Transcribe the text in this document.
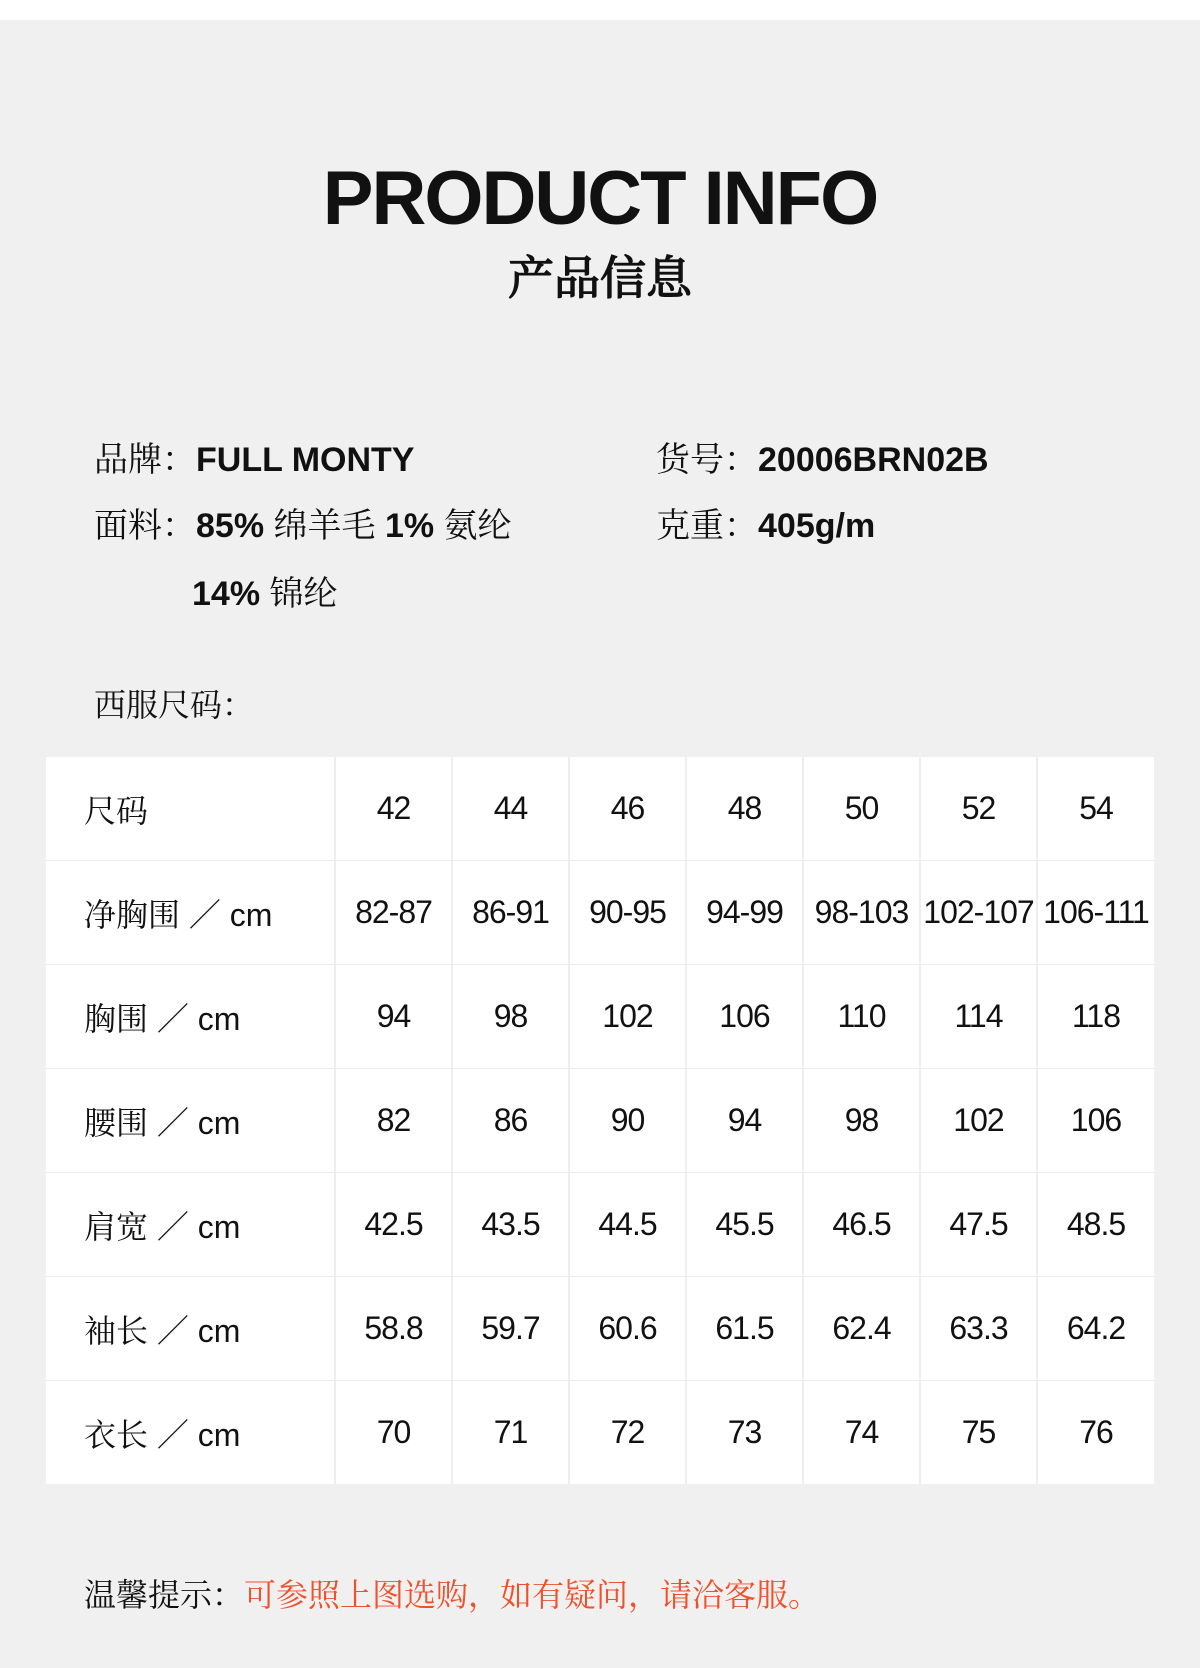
PRODUCT INFO
产品信息
品牌：FULL MONTY	货号：20006BRN02B
面料：85% 绵羊毛 1% 氨纶
14% 锦纶
克重：405g/m
西服尺码：
尺码	42	44	46	48	50	52	54
净胸围 ／ cm	82-87	86-91	90-95	94-99	98-103	102-107	106-111
胸围 ／ cm	94	98	102	106	110	114	118
腰围 ／ cm	82	86	90	94	98	102	106
肩宽 ／ cm	42.5	43.5	44.5	45.5	46.5	47.5	48.5
袖长 ／ cm	58.8	59.7	60.6	61.5	62.4	63.3	64.2
衣长 ／ cm	70	71	72	73	74	75	76
温馨提示：可参照上图选购，如有疑问，请洽客服。
